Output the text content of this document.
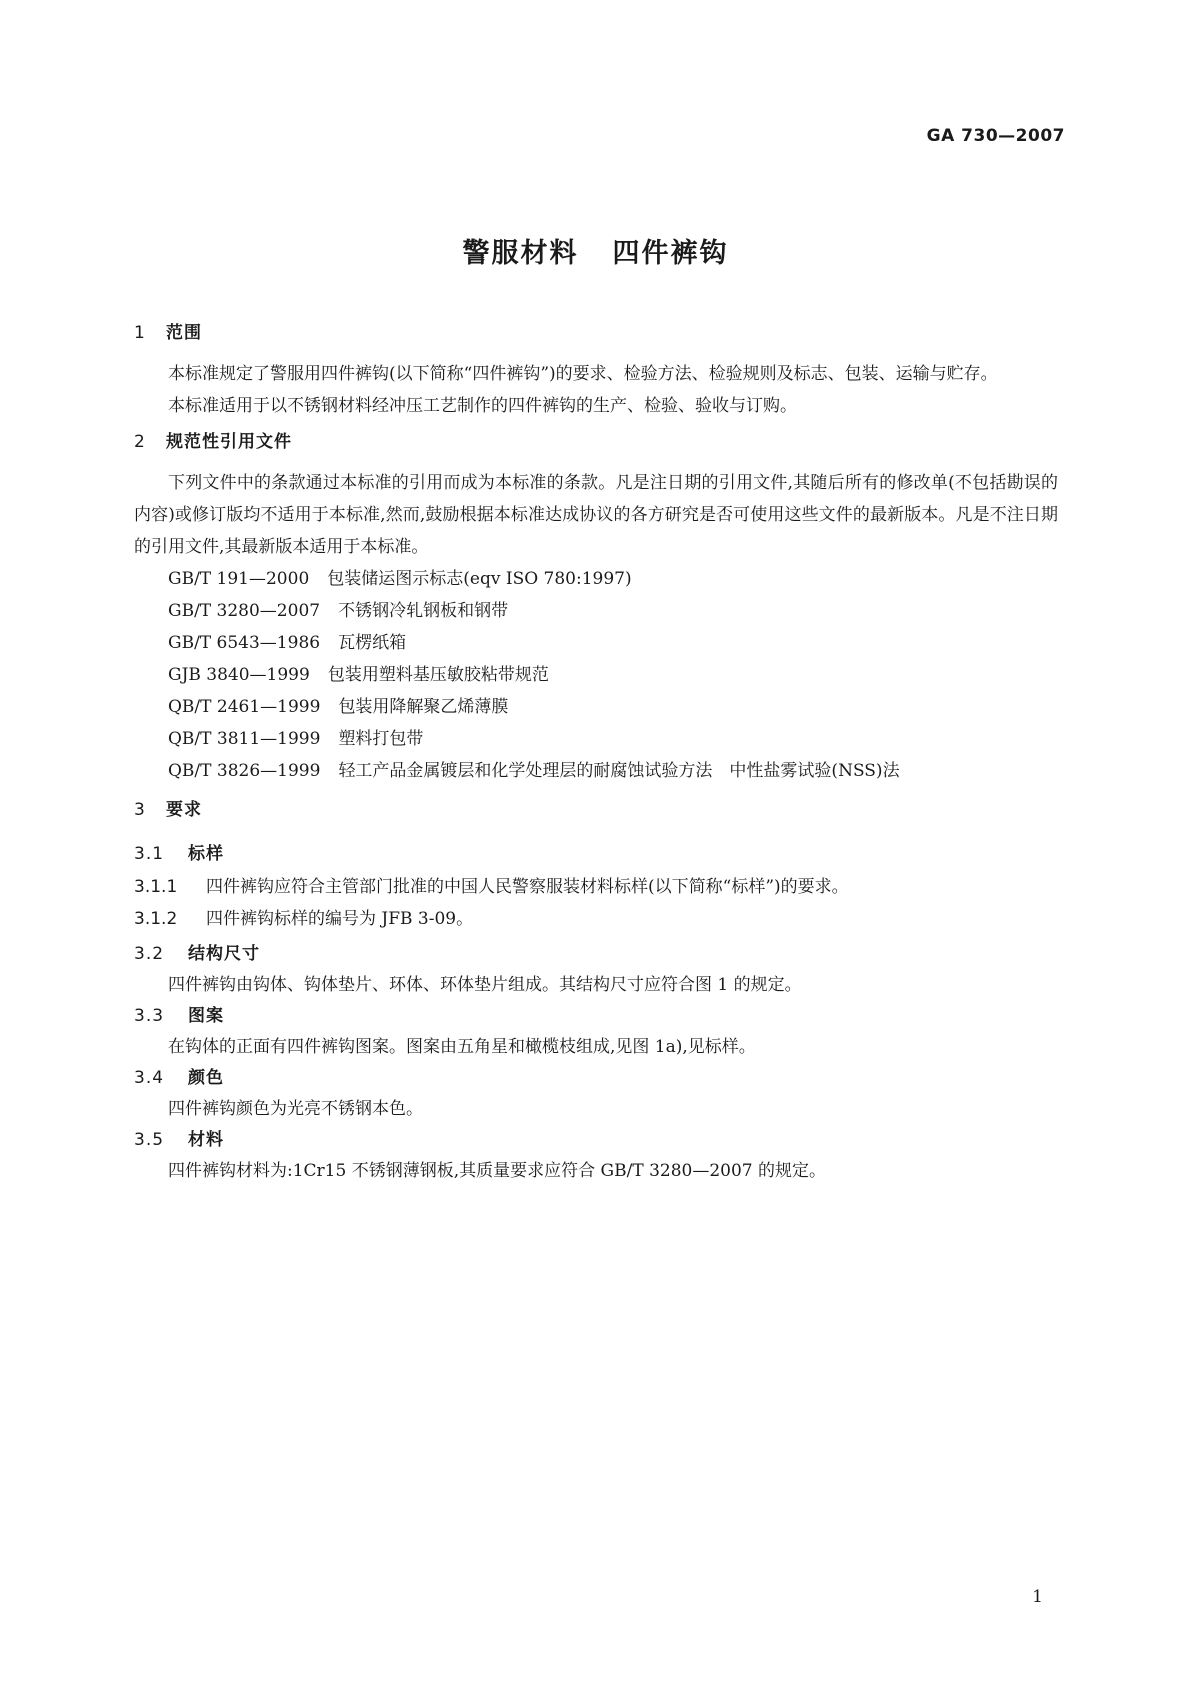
GA 730—2007
警服材料 四件裤钩
1 范围
本标准规定了警服用四件裤钩(以下简称“四件裤钩”)的要求、检验方法、检验规则及标志、包装、运输与贮存。
本标准适用于以不锈钢材料经冲压工艺制作的四件裤钩的生产、检验、验收与订购。
2 规范性引用文件
下列文件中的条款通过本标准的引用而成为本标准的条款。凡是注日期的引用文件,其随后所有的修改单(不包括勘误的内容)或修订版均不适用于本标准,然而,鼓励根据本标准达成协议的各方研究是否可使用这些文件的最新版本。凡是不注日期的引用文件,其最新版本适用于本标准。
GB/T 191—2000 包装储运图示标志(eqv ISO 780:1997)
GB/T 3280—2007 不锈钢冷轧钢板和钢带
GB/T 6543—1986 瓦楞纸箱
GJB 3840—1999 包装用塑料基压敏胶粘带规范
QB/T 2461—1999 包装用降解聚乙烯薄膜
QB/T 3811—1999 塑料打包带
QB/T 3826—1999 轻工产品金属镀层和化学处理层的耐腐蚀试验方法　中性盐雾试验(NSS)法
3 要求
3.1 标样
3.1.1 四件裤钩应符合主管部门批准的中国人民警察服装材料标样(以下简称“标样”)的要求。
3.1.2 四件裤钩标样的编号为 JFB 3-09。
3.2 结构尺寸
四件裤钩由钩体、钩体垫片、环体、环体垫片组成。其结构尺寸应符合图 1 的规定。
3.3 图案
在钩体的正面有四件裤钩图案。图案由五角星和橄榄枝组成,见图 1a),见标样。
3.4 颜色
四件裤钩颜色为光亮不锈钢本色。
3.5 材料
四件裤钩材料为:1Cr15 不锈钢薄钢板,其质量要求应符合 GB/T 3280—2007 的规定。
1
